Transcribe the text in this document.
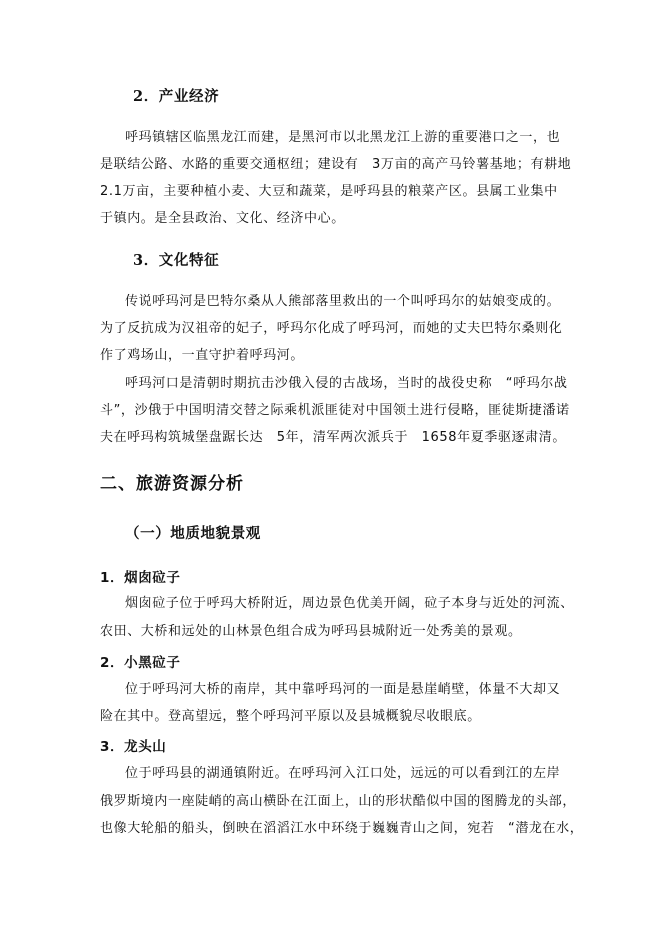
2．产业经济
呼玛镇辖区临黑龙江而建，是黑河市以北黑龙江上游的重要港口之一，也
是联结公路、水路的重要交通枢纽；建设有　3万亩的高产马铃薯基地；有耕地
2.1万亩，主要种植小麦、大豆和蔬菜，是呼玛县的粮菜产区。县属工业集中
于镇内。是全县政治、文化、经济中心。
3．文化特征
传说呼玛河是巴特尔桑从人熊部落里救出的一个叫呼玛尔的姑娘变成的。
为了反抗成为汉祖帝的妃子，呼玛尔化成了呼玛河，而她的丈夫巴特尔桑则化
作了鸡场山，一直守护着呼玛河。
呼玛河口是清朝时期抗击沙俄入侵的古战场，当时的战役史称　“呼玛尔战
斗”，沙俄于中国明清交替之际乘机派匪徒对中国领土进行侵略，匪徒斯捷潘诺
夫在呼玛构筑城堡盘踞长达　5年，清军两次派兵于　1658年夏季驱逐肃清。
二、旅游资源分析
（一）地质地貌景观
1．烟囱砬子
烟囱砬子位于呼玛大桥附近，周边景色优美开阔，砬子本身与近处的河流、
农田、大桥和远处的山林景色组合成为呼玛县城附近一处秀美的景观。
2．小黑砬子
位于呼玛河大桥的南岸，其中靠呼玛河的一面是悬崖峭壁，体量不大却又
险在其中。登高望远，整个呼玛河平原以及县城概貌尽收眼底。
3．龙头山
位于呼玛县的湖通镇附近。在呼玛河入江口处，远远的可以看到江的左岸
俄罗斯境内一座陡峭的高山横卧在江面上，山的形状酷似中国的图腾龙的头部，
也像大轮船的船头，倒映在滔滔江水中环绕于巍巍青山之间，宛若　“潜龙在水，
